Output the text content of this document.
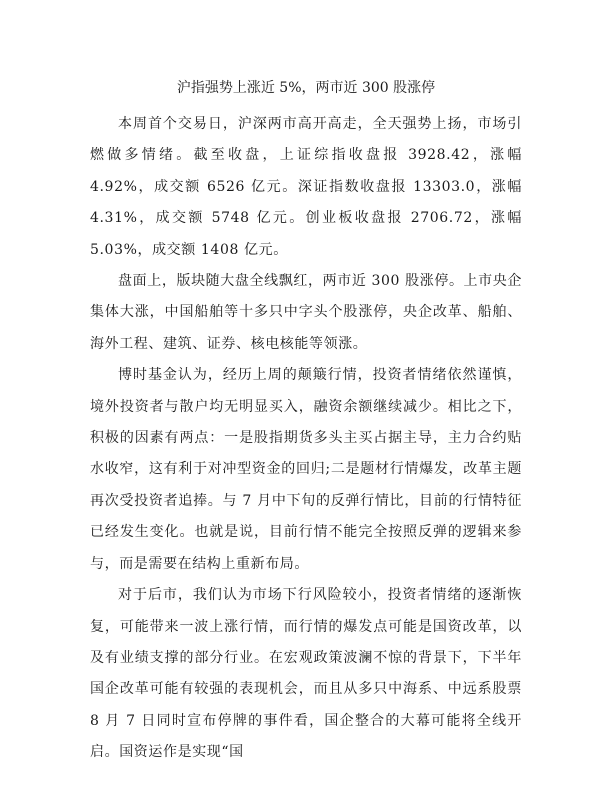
沪指强势上涨近 5%，两市近 300 股涨停

本周首个交易日，沪深两市高开高走，全天强势上扬，市场引燃做多情绪。截至收盘，上证综指收盘报 3928.42，涨幅 4.92%，成交额 6526 亿元。深证指数收盘报 13303.0，涨幅 4.31%，成交额 5748 亿元。创业板收盘报 2706.72，涨幅 5.03%，成交额 1408 亿元。

盘面上，版块随大盘全线飘红，两市近 300 股涨停。上市央企集体大涨，中国船舶等十多只中字头个股涨停，央企改革、船舶、海外工程、建筑、证券、核电核能等领涨。

博时基金认为，经历上周的颠簸行情，投资者情绪依然谨慎，境外投资者与散户均无明显买入，融资余额继续减少。相比之下，积极的因素有两点：一是股指期货多头主买占据主导，主力合约贴水收窄，这有利于对冲型资金的回归;二是题材行情爆发，改革主题再次受投资者追捧。与 7 月中下旬的反弹行情比，目前的行情特征已经发生变化。也就是说，目前行情不能完全按照反弹的逻辑来参与，而是需要在结构上重新布局。

对于后市，我们认为市场下行风险较小，投资者情绪的逐渐恢复，可能带来一波上涨行情，而行情的爆发点可能是国资改革，以及有业绩支撑的部分行业。在宏观政策波澜不惊的背景下，下半年国企改革可能有较强的表现机会，而且从多只中海系、中远系股票 8 月 7 日同时宣布停牌的事件看，国企整合的大幕可能将全线开启。国资运作是实现“国
